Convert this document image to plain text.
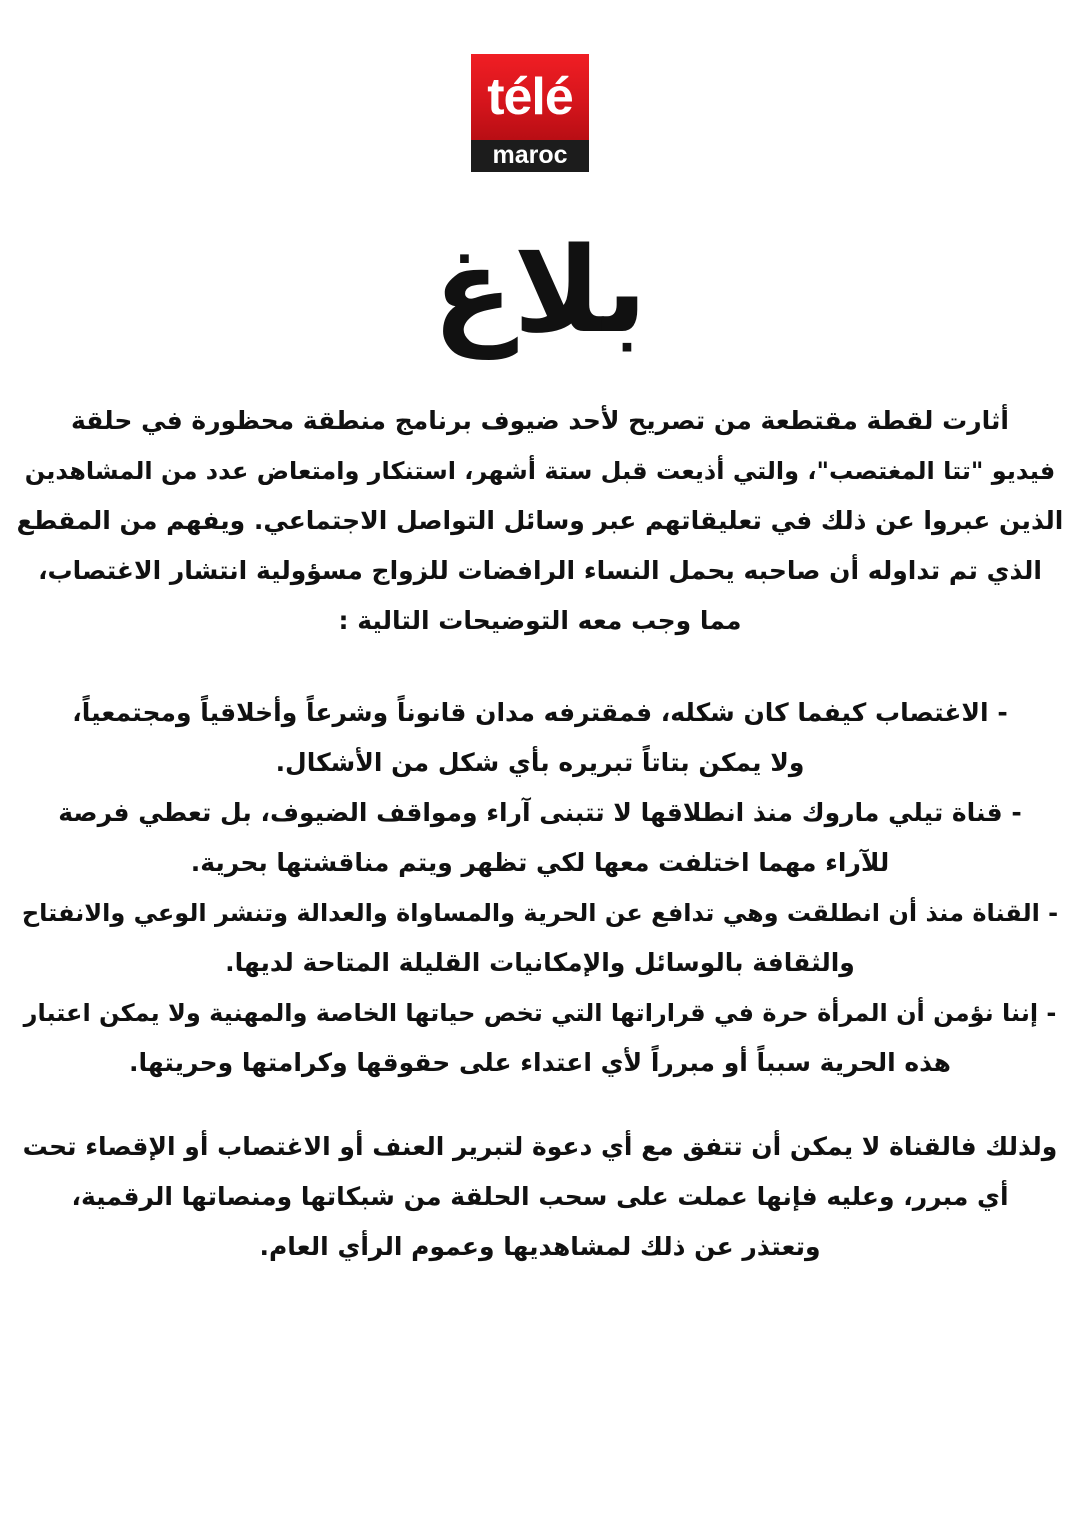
télé
maroc
بلاغ
أثارت لقطة مقتطعة من تصريح لأحد ضيوف برنامج منطقة محظورة في حلقة
فيديو "تتا المغتصب"، والتي أذيعت قبل ستة أشهر، استنكار وامتعاض عدد من المشاهدين
الذين عبروا عن ذلك في تعليقاتهم عبر وسائل التواصل الاجتماعي. ويفهم من المقطع
الذي تم تداوله أن صاحبه يحمل النساء الرافضات للزواج مسؤولية انتشار الاغتصاب،
مما وجب معه التوضيحات التالية :
- الاغتصاب كيفما كان شكله، فمقترفه مدان قانوناً وشرعاً وأخلاقياً ومجتمعياً،
ولا يمكن بتاتاً تبريره بأي شكل من الأشكال.
- قناة تيلي ماروك منذ انطلاقها لا تتبنى آراء ومواقف الضيوف، بل تعطي فرصة
للآراء مهما اختلفت معها لكي تظهر ويتم مناقشتها بحرية.
- القناة منذ أن انطلقت وهي تدافع عن الحرية والمساواة والعدالة وتنشر الوعي والانفتاح
والثقافة بالوسائل والإمكانيات القليلة المتاحة لديها.
- إننا نؤمن أن المرأة حرة في قراراتها التي تخص حياتها الخاصة والمهنية ولا يمكن اعتبار
هذه الحرية سبباً أو مبرراً لأي اعتداء على حقوقها وكرامتها وحريتها.
ولذلك فالقناة لا يمكن أن تتفق مع أي دعوة لتبرير العنف أو الاغتصاب أو الإقصاء تحت
أي مبرر، وعليه فإنها عملت على سحب الحلقة من شبكاتها ومنصاتها الرقمية،
وتعتذر عن ذلك لمشاهديها وعموم الرأي العام.
